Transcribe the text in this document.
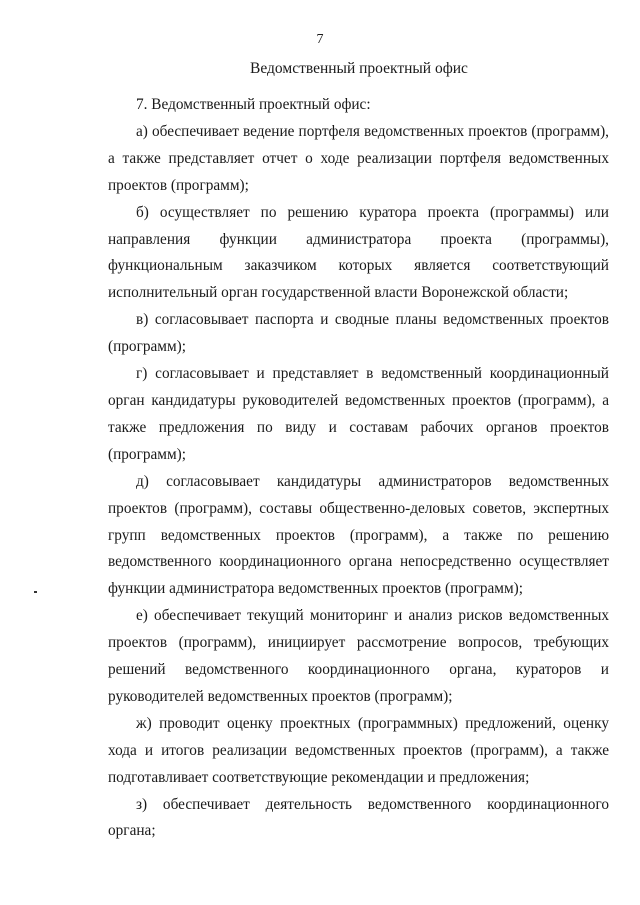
7
Ведомственный проектный офис

7. Ведомственный проектный офис:

а) обеспечивает ведение портфеля ведомственных проектов (программ), а также представляет отчет о ходе реализации портфеля ведомственных проектов (программ);

б) осуществляет по решению куратора проекта (программы) или направления функции администратора проекта (программы), функциональным заказчиком которых является соответствующий исполнительный орган государственной власти Воронежской области;

в) согласовывает паспорта и сводные планы ведомственных проектов (программ);

г) согласовывает и представляет в ведомственный координационный орган кандидатуры руководителей ведомственных проектов (программ), а также предложения по виду и составам рабочих органов проектов (программ);

д) согласовывает кандидатуры администраторов ведомственных проектов (программ), составы общественно-деловых советов, экспертных групп ведомственных проектов (программ), а также по решению ведомственного координационного органа непосредственно осуществляет функции администратора ведомственных проектов (программ);

е) обеспечивает текущий мониторинг и анализ рисков ведомственных проектов (программ), инициирует рассмотрение вопросов, требующих решений ведомственного координационного органа, кураторов и руководителей ведомственных проектов (программ);

ж) проводит оценку проектных (программных) предложений, оценку хода и итогов реализации ведомственных проектов (программ), а также подготавливает соответствующие рекомендации и предложения;

з) обеспечивает деятельность ведомственного координационного органа;
